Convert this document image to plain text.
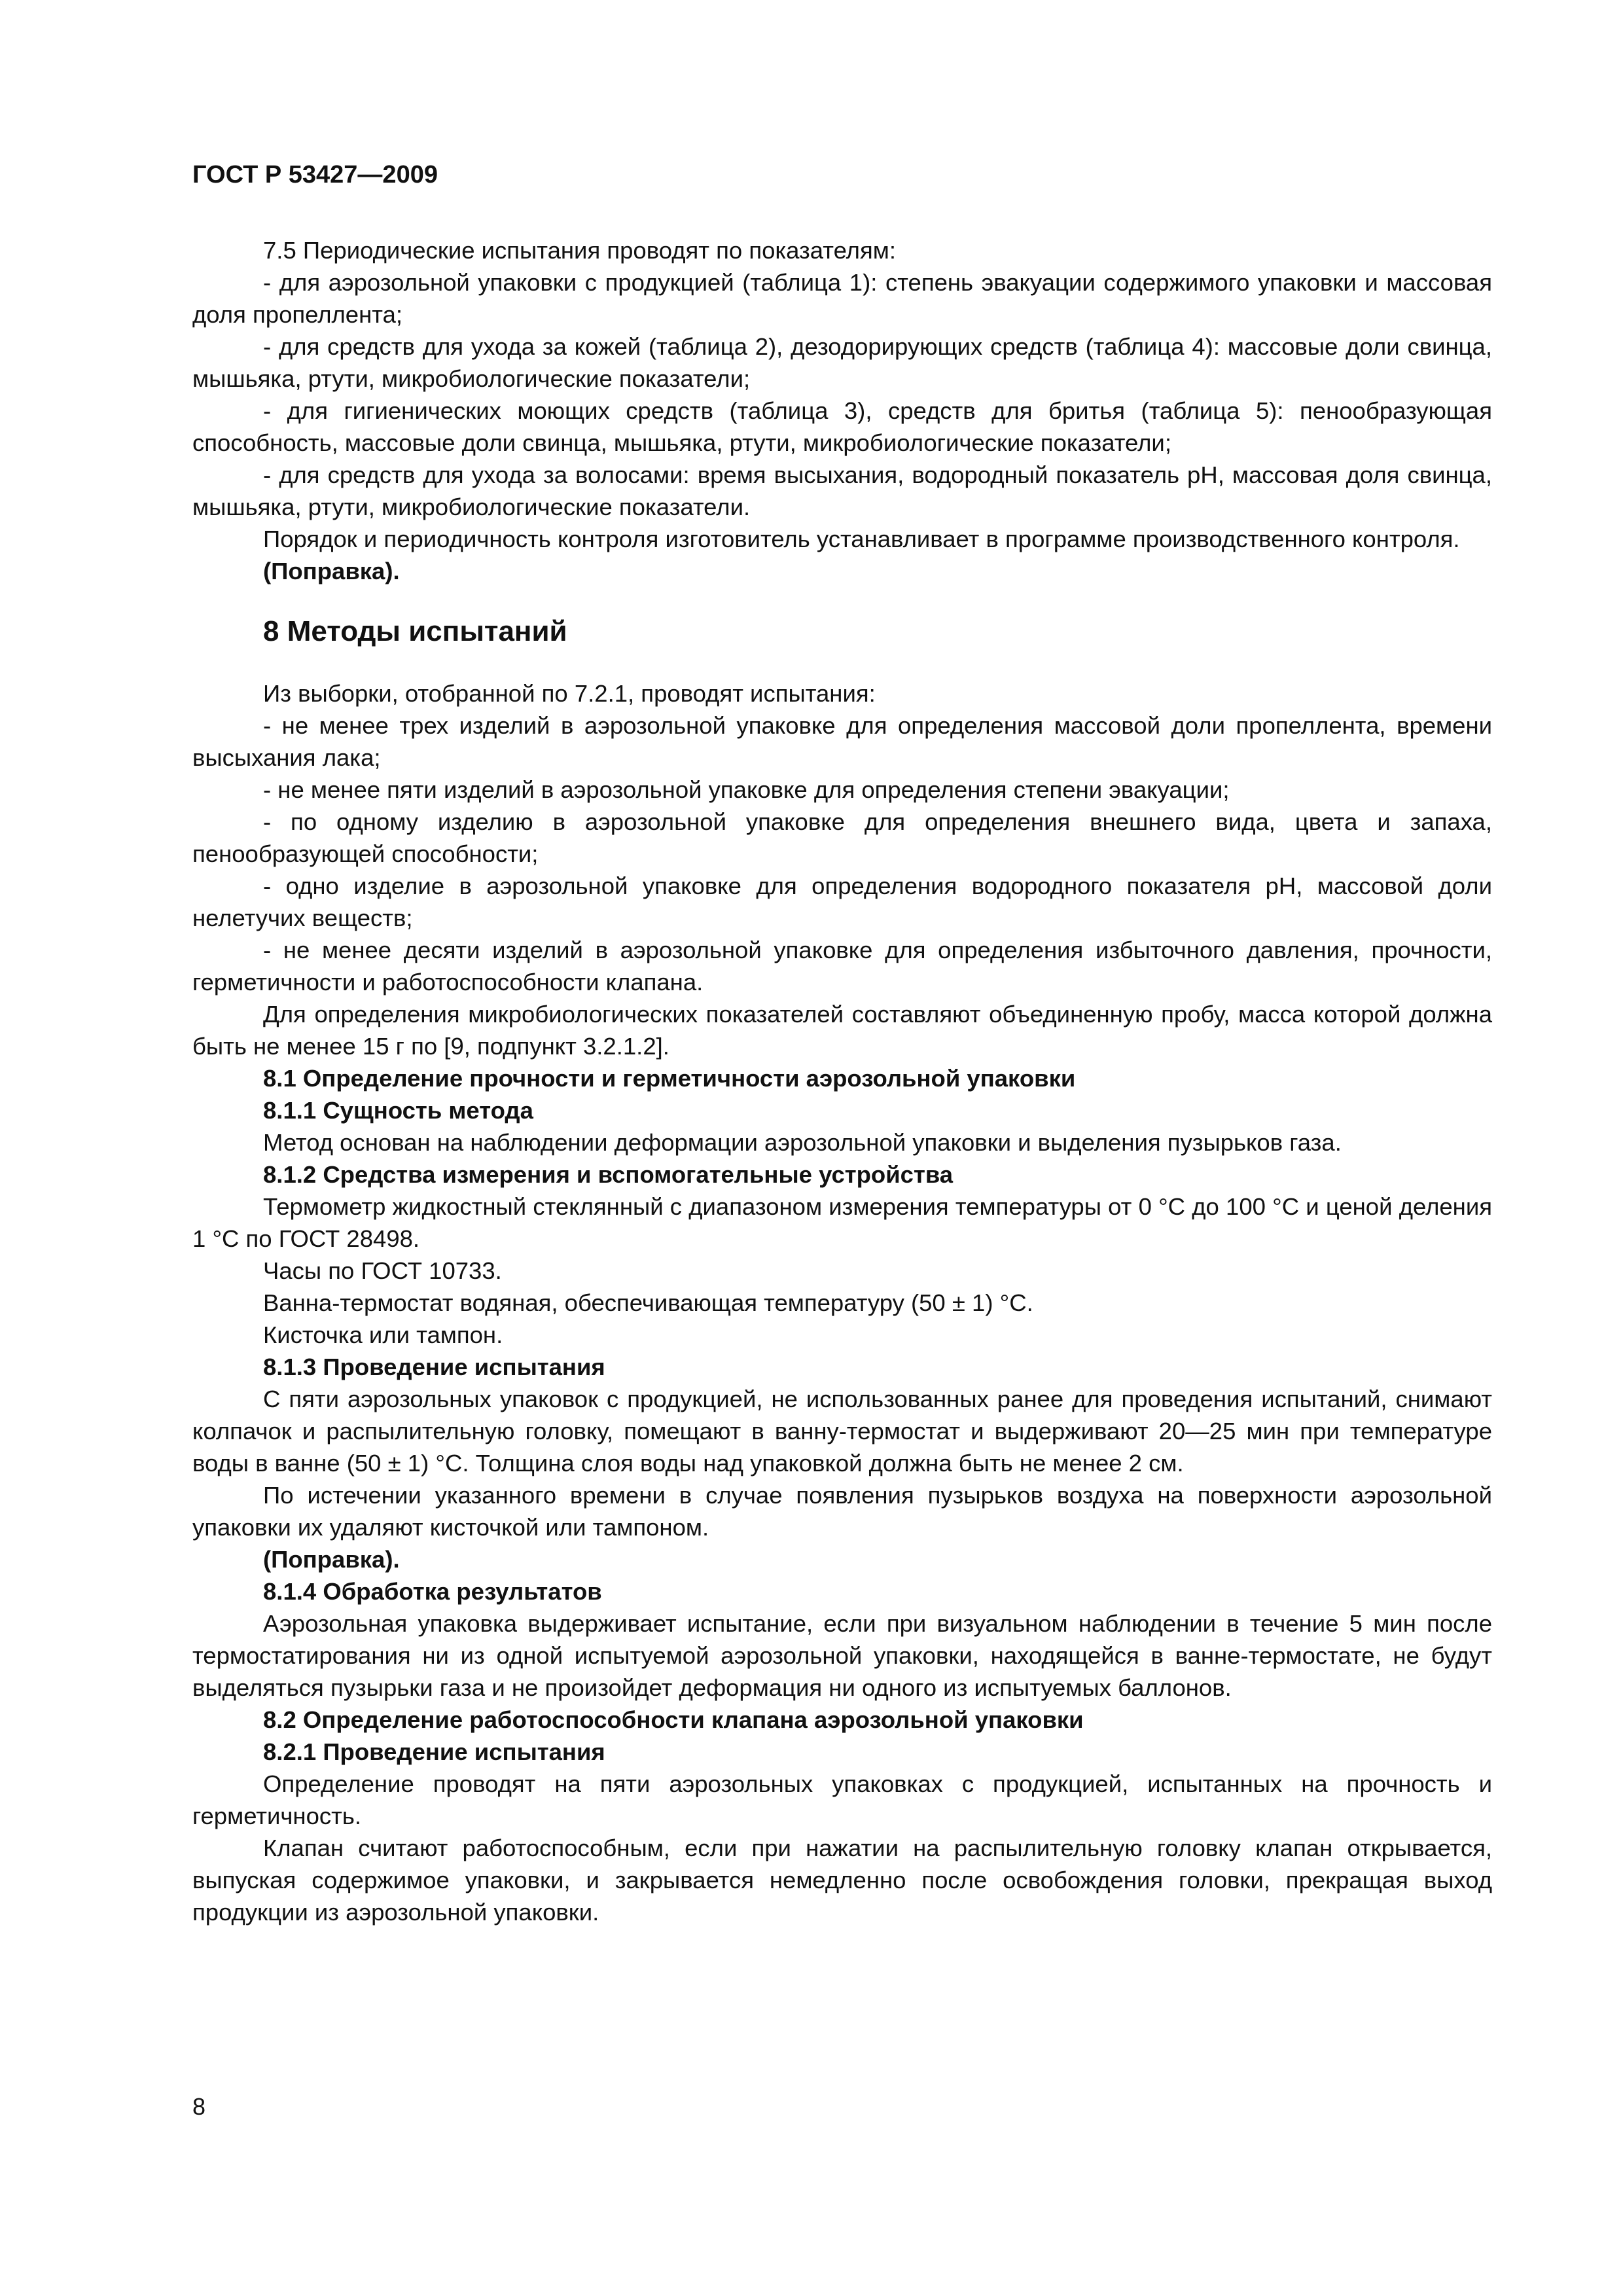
ГОСТ Р 53427—2009

7.5 Периодические испытания проводят по показателям:

- для аэрозольной упаковки с продукцией (таблица 1): степень эвакуации содержимого упаковки и массовая доля пропеллента;

- для средств для ухода за кожей (таблица 2), дезодорирующих средств (таблица 4): массовые доли свинца, мышьяка, ртути, микробиологические показатели;

- для гигиенических моющих средств (таблица 3), средств для бритья (таблица 5): пенообразующая способность, массовые доли свинца, мышьяка, ртути, микробиологические показатели;

- для средств для ухода за волосами: время высыхания, водородный показатель pH, массовая доля свинца, мышьяка, ртути, микробиологические показатели.

Порядок и периодичность контроля изготовитель устанавливает в программе производственного контроля.

(Поправка).

8 Методы испытаний

Из выборки, отобранной по 7.2.1, проводят испытания:

- не менее трех изделий в аэрозольной упаковке для определения массовой доли пропеллента, времени высыхания лака;

- не менее пяти изделий в аэрозольной упаковке для определения степени эвакуации;

- по одному изделию в аэрозольной упаковке для определения внешнего вида, цвета и запаха, пенообразующей способности;

- одно изделие в аэрозольной упаковке для определения водородного показателя pH, массовой доли нелетучих веществ;

- не менее десяти изделий в аэрозольной упаковке для определения избыточного давления, прочности, герметичности и работоспособности клапана.

Для определения микробиологических показателей составляют объединенную пробу, масса которой должна быть не менее 15 г по [9, подпункт 3.2.1.2].

8.1 Определение прочности и герметичности аэрозольной упаковки

8.1.1 Сущность метода

Метод основан на наблюдении деформации аэрозольной упаковки и выделения пузырьков газа.

8.1.2 Средства измерения и вспомогательные устройства

Термометр жидкостный стеклянный с диапазоном измерения температуры от 0 °C до 100 °C и ценой деления 1 °C по ГОСТ 28498.

Часы по ГОСТ 10733.

Ванна-термостат водяная, обеспечивающая температуру (50 ± 1) °C.

Кисточка или тампон.

8.1.3 Проведение испытания

С пяти аэрозольных упаковок с продукцией, не использованных ранее для проведения испытаний, снимают колпачок и распылительную головку, помещают в ванну-термостат и выдерживают 20—25 мин при температуре воды в ванне (50 ± 1) °C. Толщина слоя воды над упаковкой должна быть не менее 2 см.

По истечении указанного времени в случае появления пузырьков воздуха на поверхности аэрозольной упаковки их удаляют кисточкой или тампоном.

(Поправка).

8.1.4 Обработка результатов

Аэрозольная упаковка выдерживает испытание, если при визуальном наблюдении в течение 5 мин после термостатирования ни из одной испытуемой аэрозольной упаковки, находящейся в ванне-термостате, не будут выделяться пузырьки газа и не произойдет деформация ни одного из испытуемых баллонов.

8.2 Определение работоспособности клапана аэрозольной упаковки

8.2.1 Проведение испытания

Определение проводят на пяти аэрозольных упаковках с продукцией, испытанных на прочность и герметичность.

Клапан считают работоспособным, если при нажатии на распылительную головку клапан открывается, выпуская содержимое упаковки, и закрывается немедленно после освобождения головки, прекращая выход продукции из аэрозольной упаковки.

8
